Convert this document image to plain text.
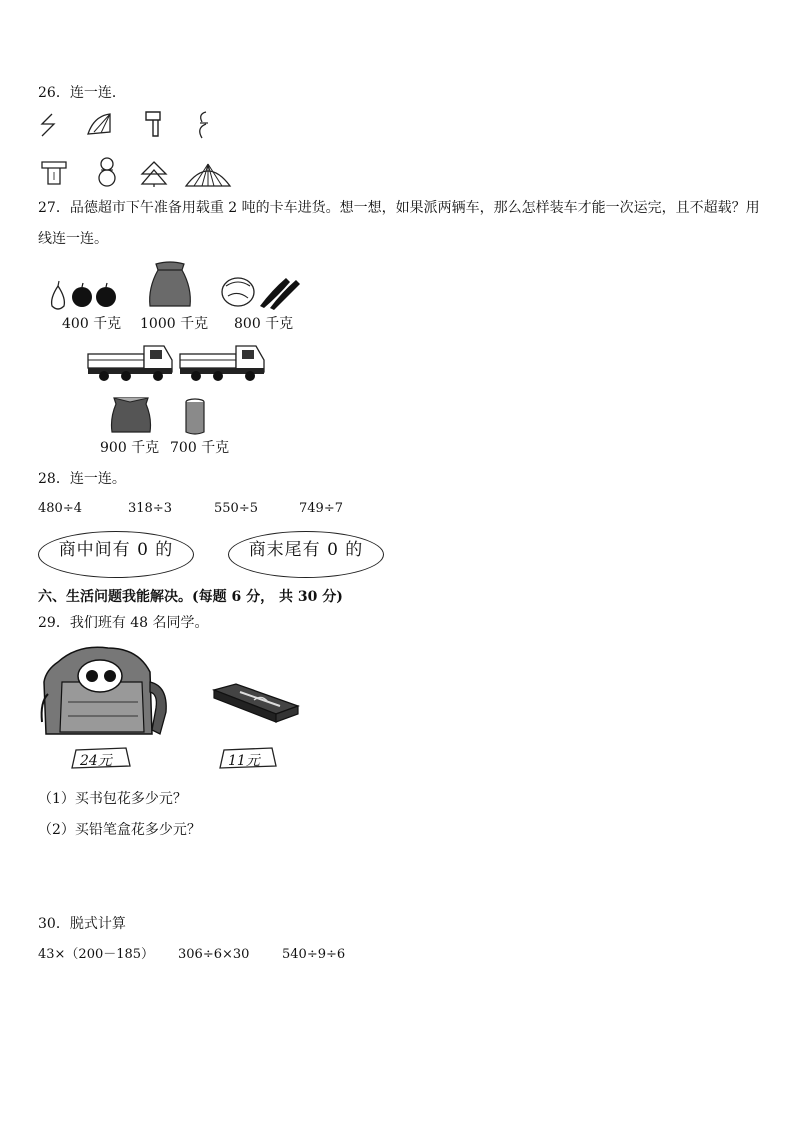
26．连一连．
27．品德超市下午准备用载重 2 吨的卡车进货。想一想，如果派两辆车，那么怎样装车才能一次运完，且不超载？用
线连一连。
400 千克 1000 千克 800 千克
900 千克 700 千克
28．连一连。
480÷4	318÷3	550÷5	749÷7
商中间有 0 的	商末尾有 0 的
六、生活问题我能解决。(每题 6 分， 共 30 分)
29．我们班有 48 名同学。
24元	11元
（1）买书包花多少元？
（2）买铅笔盒花多少元？
30．脱式计算
43×（200－185） 306÷6×30	540÷9÷6
